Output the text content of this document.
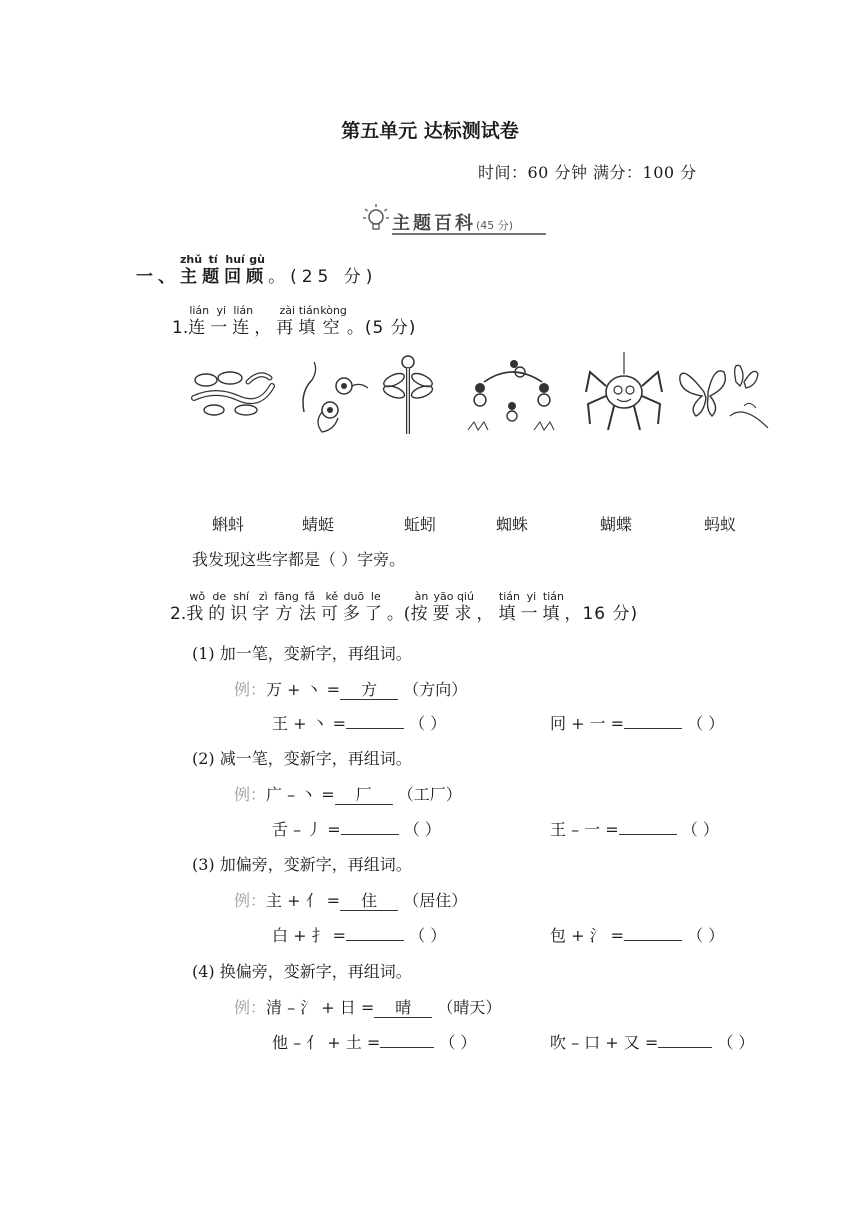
第五单元 达标测试卷
时间：60 分钟 满分：100 分
主题百科(45 分)
一、
zhǔ
主
tí
题
huí
回
gù
顾 。(25 分)
1.
lián
连
yi
一
lián
连 ，
zài
再
tián
填
kòng
空 。(5 分)
蝌蚪	蜻蜓	蚯蚓	蜘蛛	蝴蝶	蚂蚁
我发现这些字都是（ ）字旁。
2.
wǒ
我
de
的
shí
识
zì
字
fāng
方
fǎ
法
kě
可
duō
多
le
了 。(
àn
按
yāo
要
qiú
求 ，
tián
填
yi
一
tián
填 ，16 分)
(1) 加一笔，变新字，再组词。
例：万 + 丶 = 方 （方向）
王 + 丶 =	（ ）	冋 + 一 =	（ ）
(2) 减一笔，变新字，再组词。
例：广 – 丶 = 厂 （工厂）
舌 – 丿 =	（ ）	王 – 一 =	（ ）
(3) 加偏旁，变新字，再组词。
例：主 + 亻 = 住 （居住）
白 + 扌 =	（ ）	包 + 氵 =	（ ）
(4) 换偏旁，变新字，再组词。
例：清 – 氵 + 日 = 晴 （晴天）
他 – 亻 + 土 =	（ ）	吹 – 口 + 又 =	（ ）
